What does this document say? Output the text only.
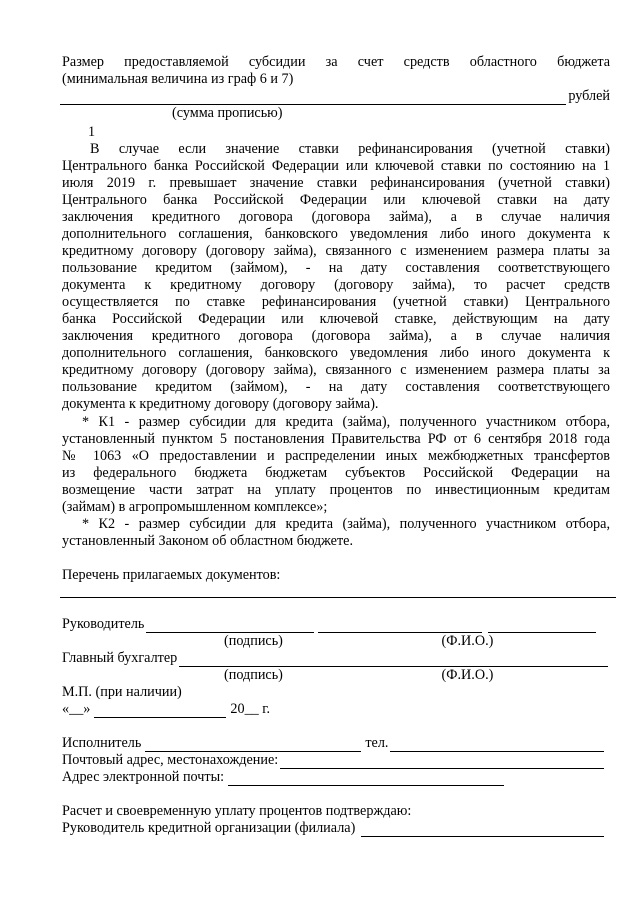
Размер предоставляемой субсидии за счет средств областного бюджета

(минимальная величина из граф 6 и 7)

рублей

(сумма прописью)

1

В случае если значение ставки рефинансирования (учетной ставки)

Центрального банка Российской Федерации или ключевой ставки по состоянию на 1

июля 2019 г. превышает значение ставки рефинансирования (учетной ставки)

Центрального банка Российской Федерации или ключевой ставки на дату

заключения кредитного договора (договора займа), а в случае наличия

дополнительного соглашения, банковского уведомления либо иного документа к

кредитному договору (договору займа), связанного с изменением размера платы за

пользование кредитом (займом), - на дату составления соответствующего

документа к кредитному договору (договору займа), то расчет средств

осуществляется по ставке рефинансирования (учетной ставки) Центрального

банка Российской Федерации или ключевой ставке, действующим на дату

заключения кредитного договора (договора займа), а в случае наличия

дополнительного соглашения, банковского уведомления либо иного документа к

кредитному договору (договору займа), связанного с изменением размера платы за

пользование кредитом (займом), - на дату составления соответствующего

документа к кредитному договору (договору займа).

* К1 - размер субсидии для кредита (займа), полученного участником отбора,

установленный пунктом 5 постановления Правительства РФ от 6 сентября 2018 года

№ 1063 «О предоставлении и распределении иных межбюджетных трансфертов

из федерального бюджета бюджетам субъектов Российской Федерации на

возмещение части затрат на уплату процентов по инвестиционным кредитам

(займам) в агропромышленном комплексе»;

* К2 - размер субсидии для кредита (займа), полученного участником отбора,

установленный Законом об областном бюджете.

Перечень прилагаемых документов:

Руководитель

(подпись)	(Ф.И.О.)

Главный бухгалтер

(подпись)	(Ф.И.О.)

М.П. (при наличии)

«__»	20__ г.

Исполнитель	тел.

Почтовый адрес, местонахождение:

Адрес электронной почты:

Расчет и своевременную уплату процентов подтверждаю:

Руководитель кредитной организации (филиала)
